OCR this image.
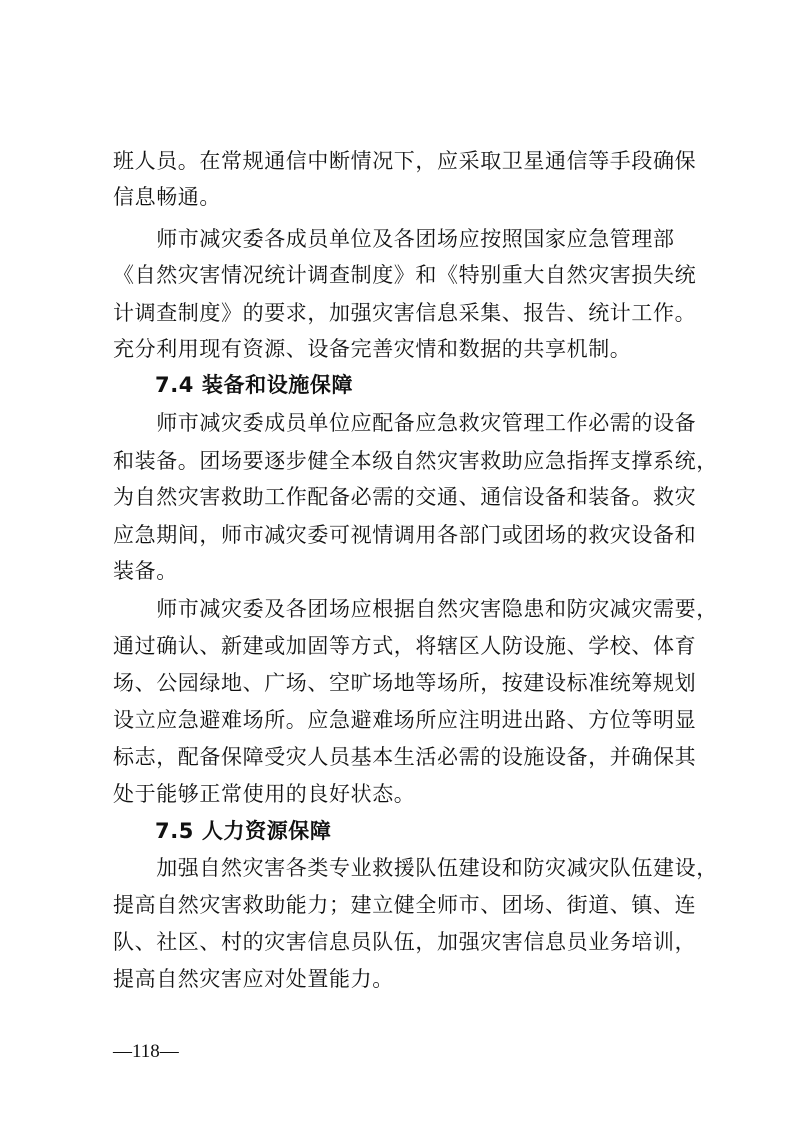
班人员。在常规通信中断情况下，应采取卫星通信等手段确保
信息畅通。
　　师市减灾委各成员单位及各团场应按照国家应急管理部
《自然灾害情况统计调查制度》和《特别重大自然灾害损失统
计调查制度》的要求，加强灾害信息采集、报告、统计工作。
充分利用现有资源、设备完善灾情和数据的共享机制。
7.4 装备和设施保障
　　师市减灾委成员单位应配备应急救灾管理工作必需的设备
和装备。团场要逐步健全本级自然灾害救助应急指挥支撑系统，
为自然灾害救助工作配备必需的交通、通信设备和装备。救灾
应急期间，师市减灾委可视情调用各部门或团场的救灾设备和
装备。
　　师市减灾委及各团场应根据自然灾害隐患和防灾减灾需要，
通过确认、新建或加固等方式，将辖区人防设施、学校、体育
场、公园绿地、广场、空旷场地等场所，按建设标准统筹规划
设立应急避难场所。应急避难场所应注明进出路、方位等明显
标志，配备保障受灾人员基本生活必需的设施设备，并确保其
处于能够正常使用的良好状态。
7.5 人力资源保障
　　加强自然灾害各类专业救援队伍建设和防灾减灾队伍建设，
提高自然灾害救助能力；建立健全师市、团场、街道、镇、连
队、社区、村的灾害信息员队伍，加强灾害信息员业务培训，
提高自然灾害应对处置能力。
—118—
